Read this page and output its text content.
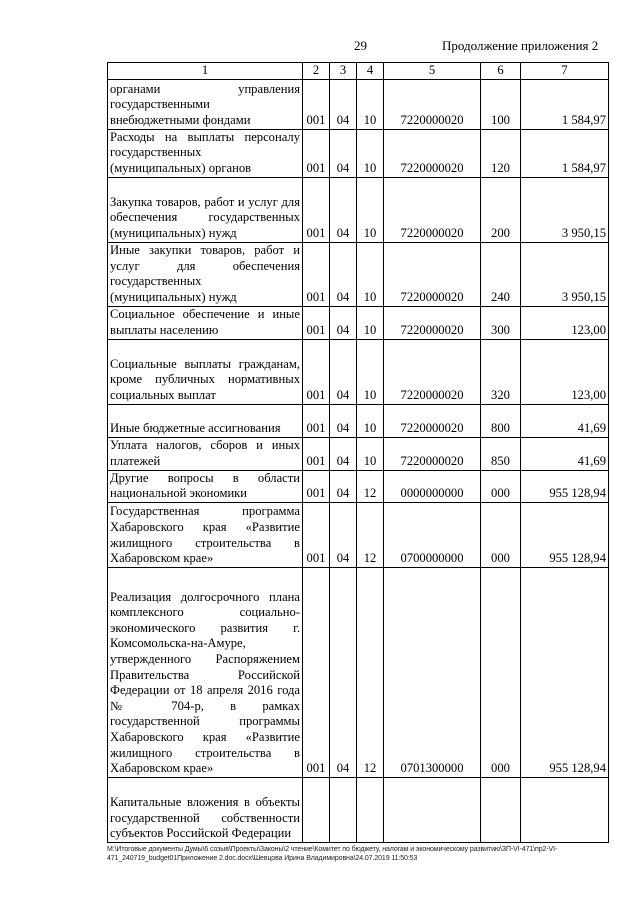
29	Продолжение приложения 2
1	2	3	4	5	6	7
органами управления государственными внебюджетными фондами	001	04	10	7220000020	100	1 584,97
Расходы на выплаты персоналу государственных (муниципальных) органов	001	04	10	7220000020	120	1 584,97
Закупка товаров, работ и услуг для обеспечения государственных (муниципальных) нужд	001	04	10	7220000020	200	3 950,15
Иные закупки товаров, работ и услуг для обеспечения государственных (муниципальных) нужд	001	04	10	7220000020	240	3 950,15
Социальное обеспечение и иные выплаты населению	001	04	10	7220000020	300	123,00
Социальные выплаты гражданам, кроме публичных нормативных социальных выплат	001	04	10	7220000020	320	123,00
Иные бюджетные ассигнования	001	04	10	7220000020	800	41,69
Уплата налогов, сборов и иных платежей	001	04	10	7220000020	850	41,69
Другие вопросы в области национальной экономики	001	04	12	0000000000	000	955 128,94
Государственная программа Хабаровского края «Развитие жилищного строительства в Хабаровском крае»	001	04	12	0700000000	000	955 128,94
Реализация долгосрочного плана комплексного социально-экономического развития г. Комсомольска-на-Амуре, утвержденного Распоряжением Правительства Российской Федерации от 18 апреля 2016 года № 704-р, в рамках государственной программы Хабаровского края «Развитие жилищного строительства в Хабаровском крае»	001	04	12	0701300000	000	955 128,94
Капитальные вложения в объекты государственной собственности субъектов Российской Федерации						
М:\Итоговые документы Думы\6 созыв\Проекты\Законы\2 чтение\Комитет по бюджету, налогам и экономическому развитию\ЗП-VI-471\пр2-VI-
471_240719_budget01Приложение 2.doc.docx\Шевцова Ирина Владимировна\24.07.2019 11:50:53
